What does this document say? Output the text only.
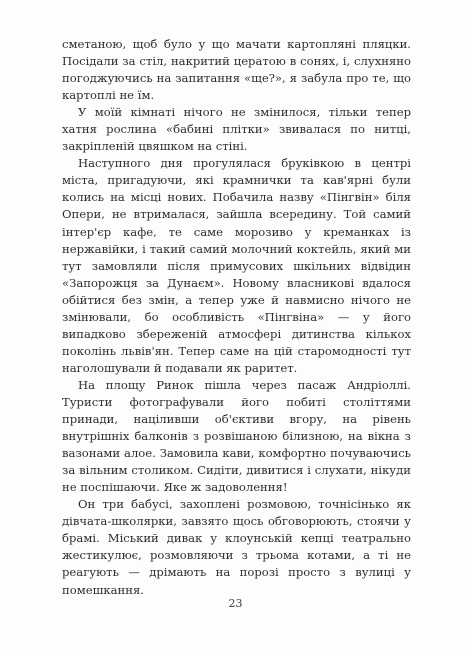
сметаною, щоб було у що мачати картопляні пляцки. Посідали за стіл, накритий цератою в сонях, і, слухняно погоджуючись на запитання «ще?», я забула про те, що картоплі не їм.

У моїй кімнаті нічого не змінилося, тільки тепер хатня рослина «бабині плітки» звивалася по нитці, закріпленій цвяшком на стіні.

Наступного дня прогулялася бруківкою в центрі міста, пригадуючи, які крамнички та кав'ярні були колись на місці нових. Побачила назву «Пінгвін» біля Опери, не втрималася, зайшла всередину. Той самий інтер'єр кафе, те саме морозиво у креманках із нержавійки, і такий самий молочний коктейль, який ми тут замовляли після примусових шкільних відвідин «Запорожця за Дунаєм». Новому власникові вдалося обійтися без змін, а тепер уже й навмисно нічого не змінювали, бо особливість «Пінгвіна» — у його випадково збереженій атмосфері дитинства кількох поколінь львів'ян. Тепер саме на цій старомодності тут наголошували й подавали як раритет.

На площу Ринок пішла через пасаж Андріоллі. Туристи фотографували його побиті століттями принади, націливши об'єктиви вгору, на рівень внутрішніх балконів з розвішаною білизною, на вікна з вазонами алое. Замовила кави, комфортно почуваючись за вільним столиком. Сидіти, дивитися і слухати, нікуди не поспішаючи. Яке ж задоволення!

Он три бабусі, захоплені розмовою, точнісінько як дівчата-школярки, завзято щось обговорюють, стоячи у брамі. Міський дивак у клоунській кепці театрально жестикулює, розмовляючи з трьома котами, а ті не реагують — дрімають на порозі просто з вулиці у помешкання.

23
